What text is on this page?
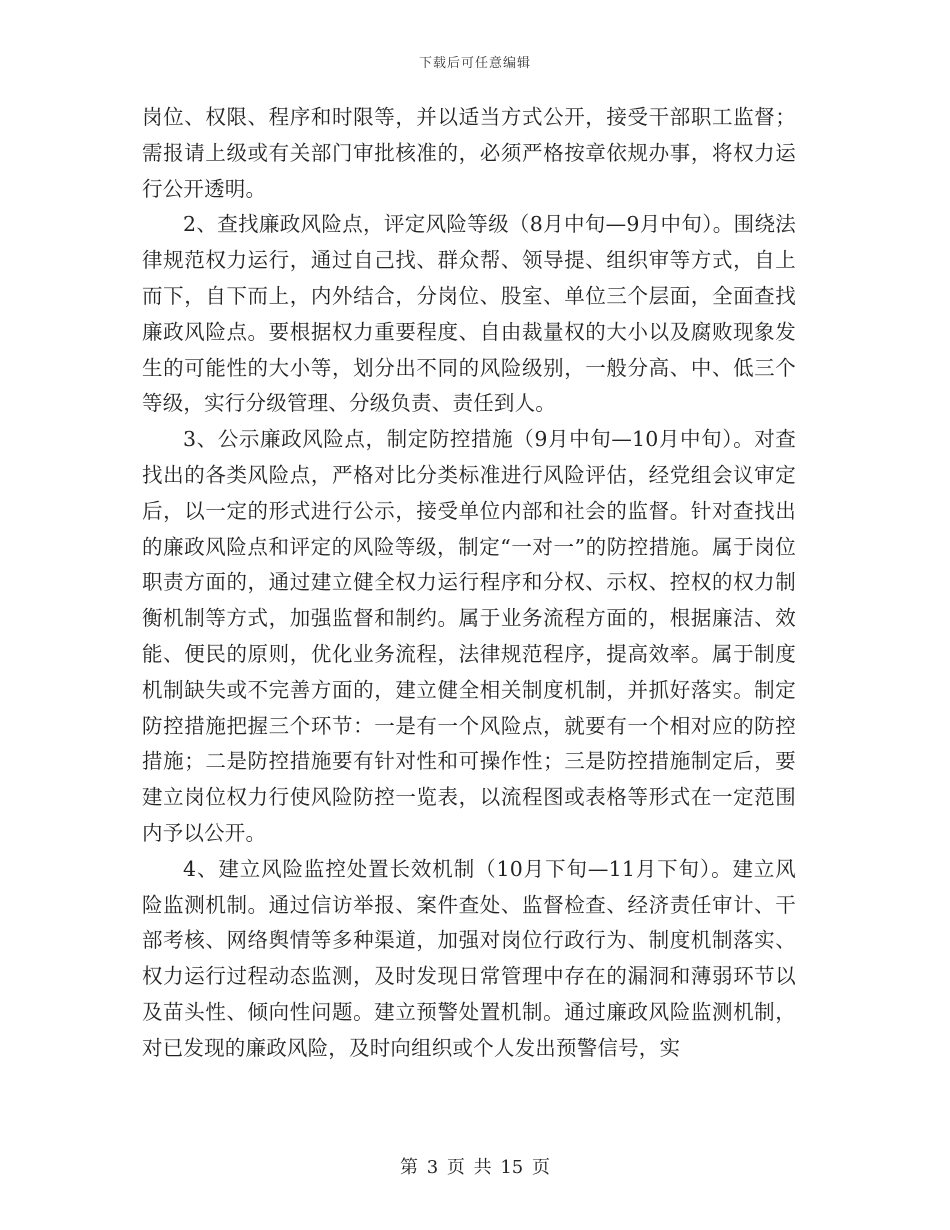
下载后可任意编辑

岗位、权限、程序和时限等，并以适当方式公开，接受干部职工监督；需报请上级或有关部门审批核准的，必须严格按章依规办事，将权力运行公开透明。

2、查找廉政风险点，评定风险等级（8月中旬—9月中旬）。围绕法律规范权力运行，通过自己找、群众帮、领导提、组织审等方式，自上而下，自下而上，内外结合，分岗位、股室、单位三个层面，全面查找廉政风险点。要根据权力重要程度、自由裁量权的大小以及腐败现象发生的可能性的大小等，划分出不同的风险级别，一般分高、中、低三个等级，实行分级管理、分级负责、责任到人。

3、公示廉政风险点，制定防控措施（9月中旬—10月中旬）。对查找出的各类风险点，严格对比分类标准进行风险评估，经党组会议审定后，以一定的形式进行公示，接受单位内部和社会的监督。针对查找出的廉政风险点和评定的风险等级，制定“一对一”的防控措施。属于岗位职责方面的，通过建立健全权力运行程序和分权、示权、控权的权力制衡机制等方式，加强监督和制约。属于业务流程方面的，根据廉洁、效能、便民的原则，优化业务流程，法律规范程序，提高效率。属于制度机制缺失或不完善方面的，建立健全相关制度机制，并抓好落实。制定防控措施把握三个环节：一是有一个风险点，就要有一个相对应的防控措施；二是防控措施要有针对性和可操作性；三是防控措施制定后，要建立岗位权力行使风险防控一览表，以流程图或表格等形式在一定范围内予以公开。

4、建立风险监控处置长效机制（10月下旬—11月下旬）。建立风险监测机制。通过信访举报、案件查处、监督检查、经济责任审计、干部考核、网络舆情等多种渠道，加强对岗位行政行为、制度机制落实、权力运行过程动态监测，及时发现日常管理中存在的漏洞和薄弱环节以及苗头性、倾向性问题。建立预警处置机制。通过廉政风险监测机制，对已发现的廉政风险，及时向组织或个人发出预警信号，实

第 3 页 共 15 页
